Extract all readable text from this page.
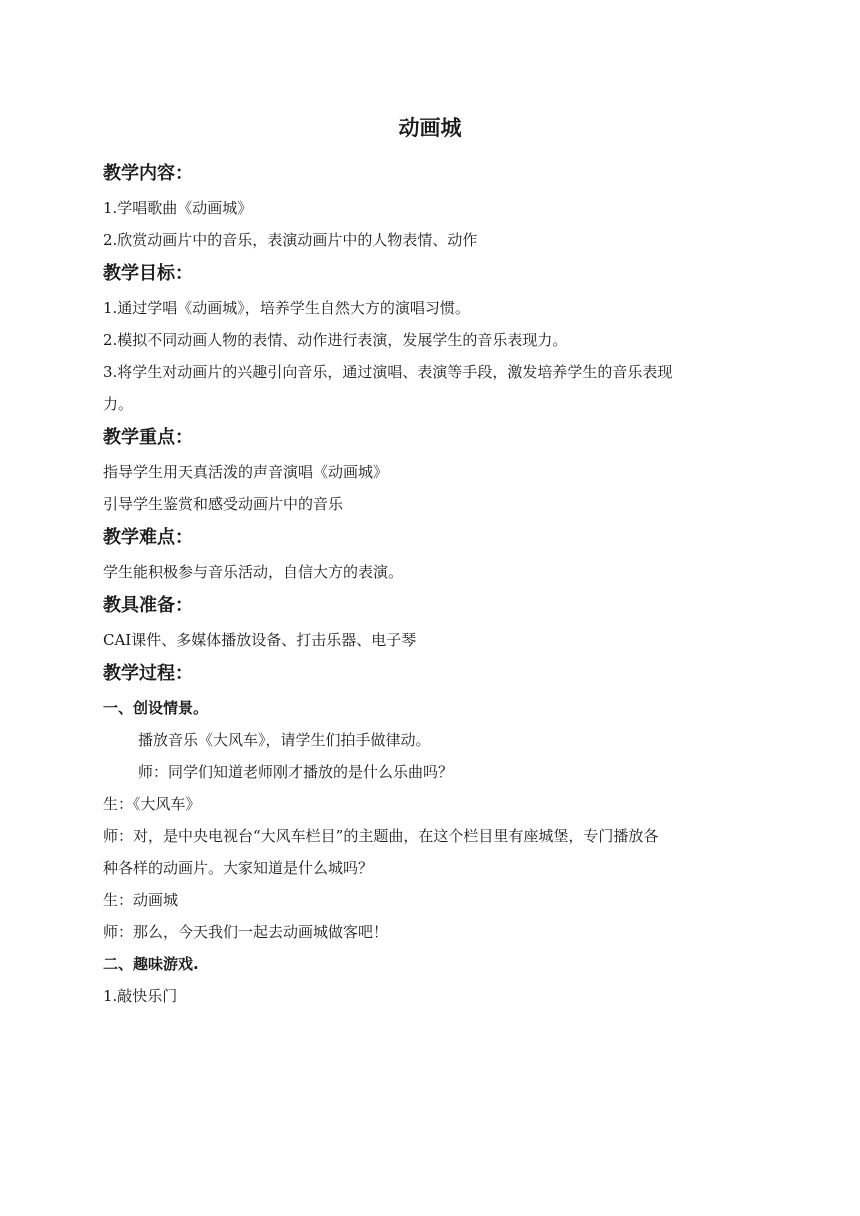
动画城
教学内容：

1.学唱歌曲《动画城》

2.欣赏动画片中的音乐，表演动画片中的人物表情、动作

教学目标：

1.通过学唱《动画城》，培养学生自然大方的演唱习惯。

2.模拟不同动画人物的表情、动作进行表演，发展学生的音乐表现力。

3.将学生对动画片的兴趣引向音乐，通过演唱、表演等手段，激发培养学生的音乐表现

力。

教学重点：

指导学生用天真活泼的声音演唱《动画城》

引导学生鉴赏和感受动画片中的音乐

教学难点：

学生能积极参与音乐活动，自信大方的表演。

教具准备：

CAI课件、多媒体播放设备、打击乐器、电子琴

教学过程：

一、创设情景。

播放音乐《大风车》，请学生们拍手做律动。

师：同学们知道老师刚才播放的是什么乐曲吗？

生：《大风车》

师：对，是中央电视台“大风车栏目”的主题曲，在这个栏目里有座城堡，专门播放各

种各样的动画片。大家知道是什么城吗？

生：动画城

师：那么，今天我们一起去动画城做客吧！

二、趣味游戏.

1.敲快乐门
